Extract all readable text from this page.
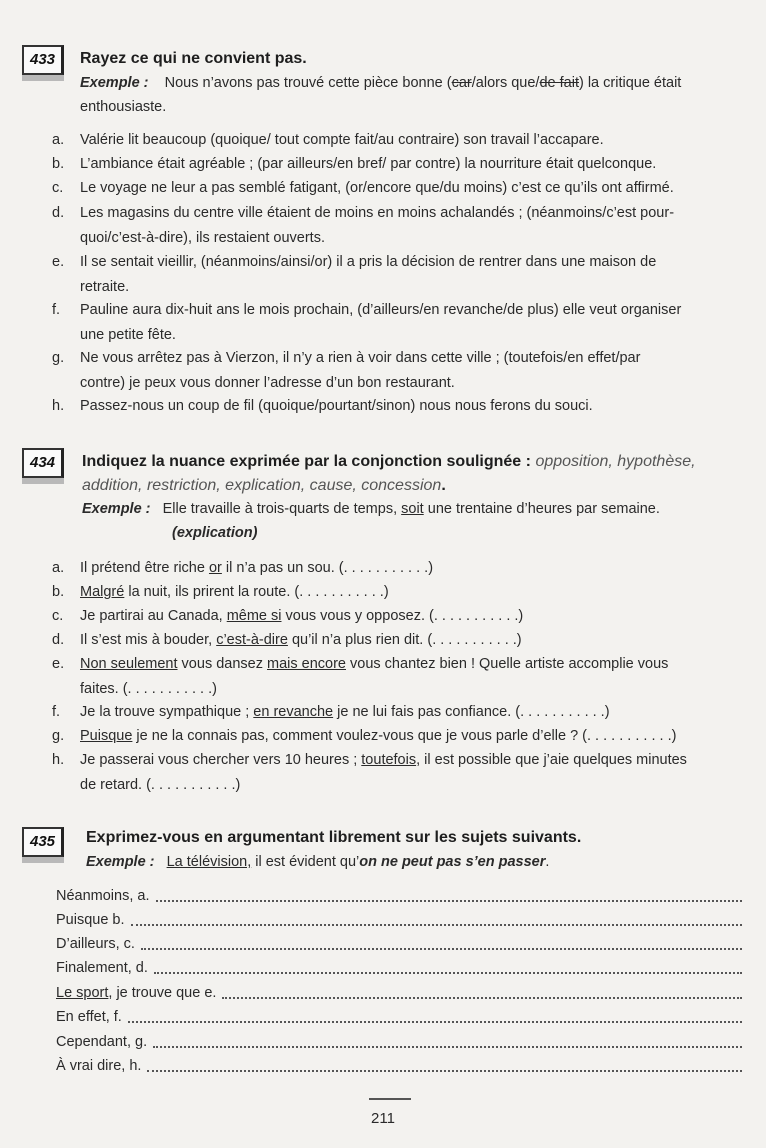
433	Rayez ce qui ne convient pas.
Exemple : Nous n’avons pas trouvé cette pièce bonne (car/alors que/de fait) la critique était
enthousiaste.
a.	Valérie lit beaucoup (quoique/ tout compte fait/au contraire) son travail l’accapare.
b.	L’ambiance était agréable ; (par ailleurs/en bref/ par contre) la nourriture était quelconque.
c.	Le voyage ne leur a pas semblé fatigant, (or/encore que/du moins) c’est ce qu’ils ont affirmé.
d.	Les magasins du centre ville étaient de moins en moins achalandés ; (néanmoins/c’est pour-
quoi/c’est-à-dire), ils restaient ouverts.
e.	Il se sentait vieillir, (néanmoins/ainsi/or) il a pris la décision de rentrer dans une maison de
retraite.
f.	Pauline aura dix-huit ans le mois prochain, (d’ailleurs/en revanche/de plus) elle veut organiser
une petite fête.
g.	Ne vous arrêtez pas à Vierzon, il n’y a rien à voir dans cette ville ; (toutefois/en effet/par
contre) je peux vous donner l’adresse d’un bon restaurant.
h.	Passez-nous un coup de fil (quoique/pourtant/sinon) nous nous ferons du souci.
434	Indiquez la nuance exprimée par la conjonction soulignée : opposition, hypothèse,
addition, restriction, explication, cause, concession.
Exemple : Elle travaille à trois-quarts de temps, soit une trentaine d’heures par semaine.
(explication)
a.	Il prétend être riche or il n’a pas un sou. (. . . . . . . . . . .)
b.	Malgré la nuit, ils prirent la route. (. . . . . . . . . . .)
c.	Je partirai au Canada, même si vous vous y opposez. (. . . . . . . . . . .)
d.	Il s’est mis à bouder, c’est-à-dire qu’il n’a plus rien dit. (. . . . . . . . . . .)
e.	Non seulement vous dansez mais encore vous chantez bien ! Quelle artiste accomplie vous
faites. (. . . . . . . . . . .)
f.	Je la trouve sympathique ; en revanche je ne lui fais pas confiance. (. . . . . . . . . . .)
g.	Puisque je ne la connais pas, comment voulez-vous que je vous parle d’elle ? (. . . . . . . . . . .)
h.	Je passerai vous chercher vers 10 heures ; toutefois, il est possible que j’aie quelques minutes
de retard. (. . . . . . . . . . .)
435	Exprimez-vous en argumentant librement sur les sujets suivants.
Exemple : La télévision, il est évident qu’on ne peut pas s’en passer.
Néanmoins, a.
Puisque b.
D’ailleurs, c.
Finalement, d.
Le sport, je trouve que e.
En effet, f.
Cependant, g.
À vrai dire, h.
211
